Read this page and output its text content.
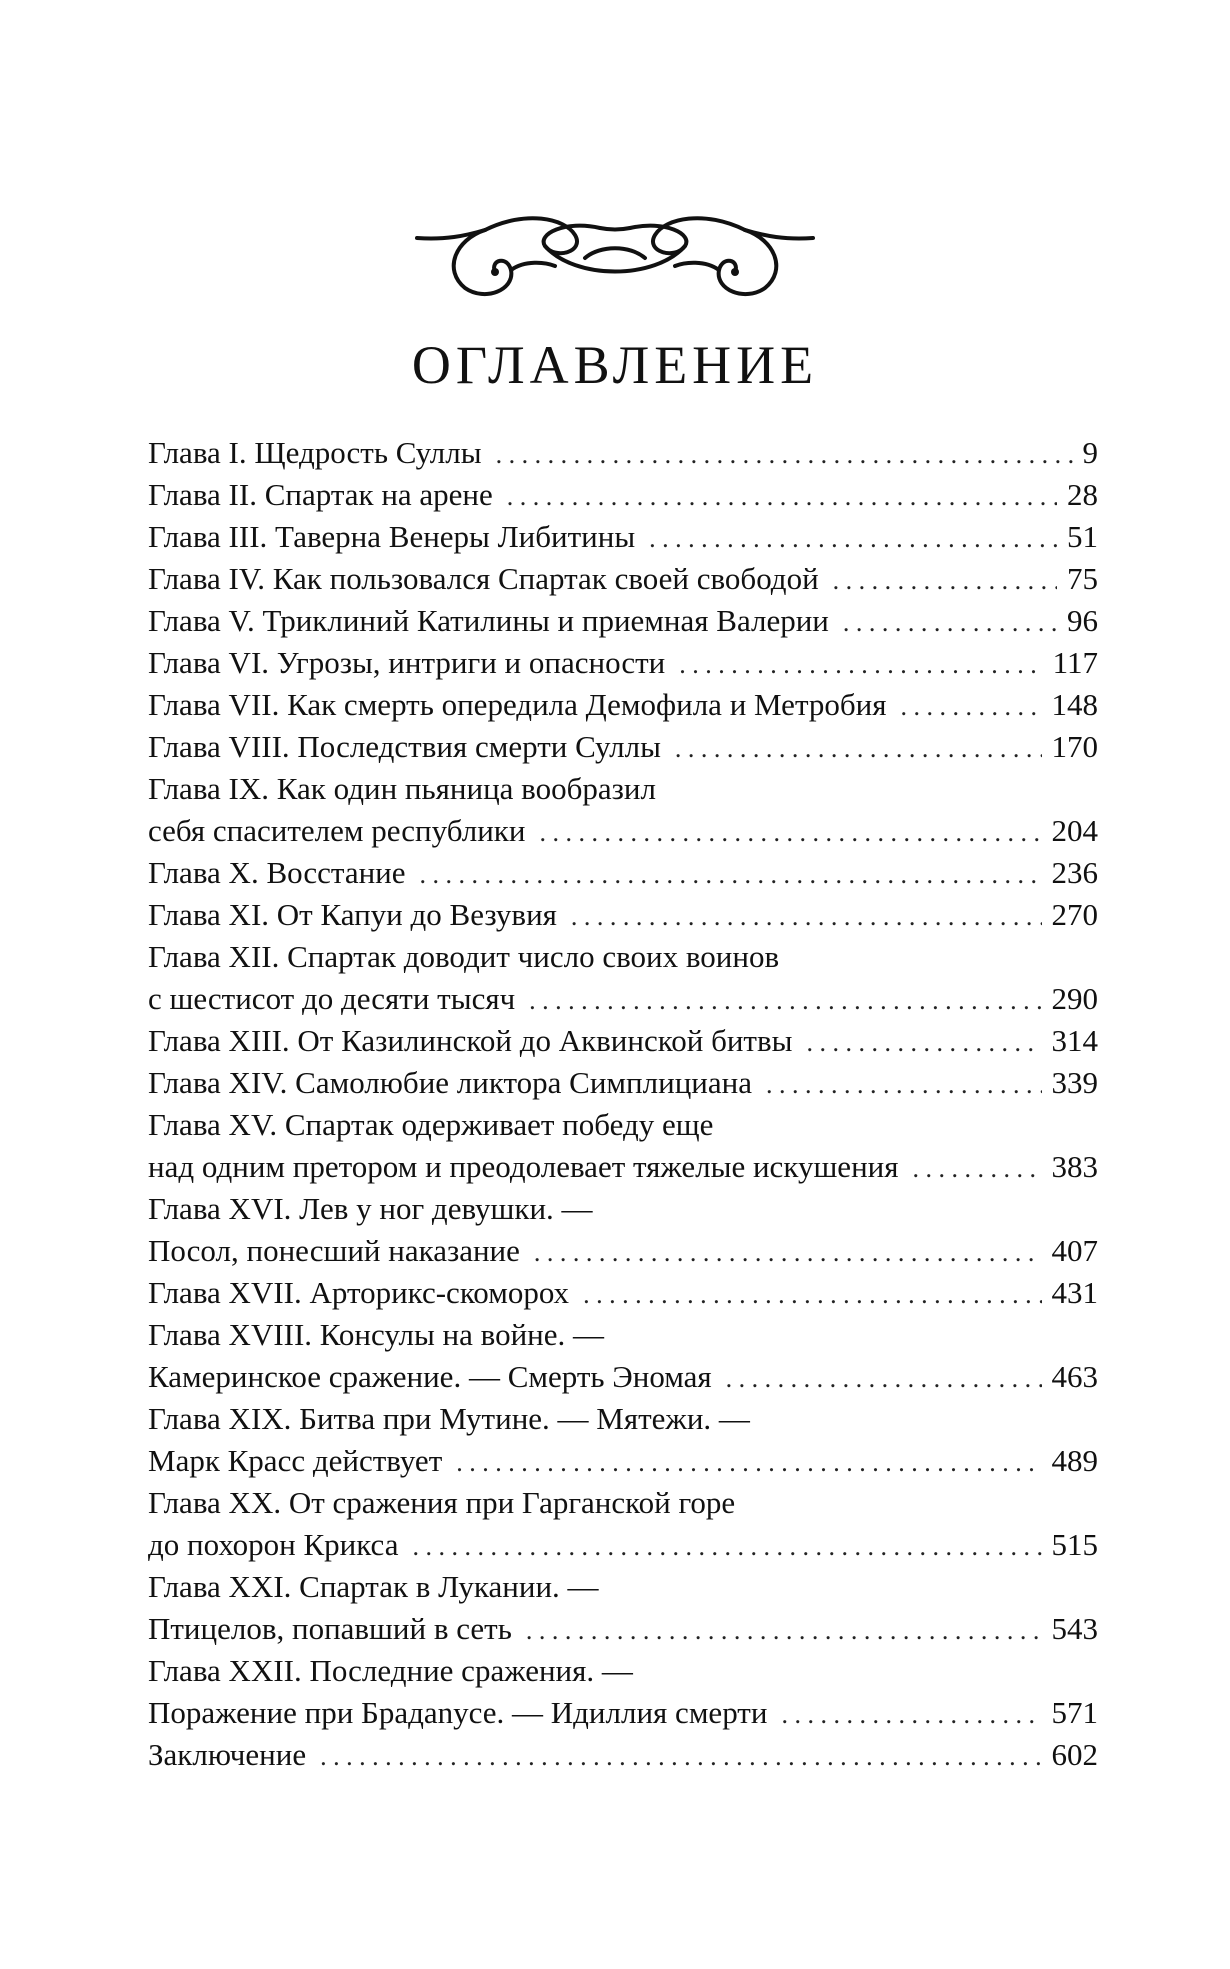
ОГЛАВЛЕНИЕ
Глава I. Щедрость Суллы . . .	9
Глава II. Спартак на арене . . .	28
Глава III. Таверна Венеры Либитины . . .	51
Глава IV. Как пользовался Спартак своей свободой . . .	75
Глава V. Триклиний Катилины и приемная Валерии . . .	96
Глава VI. Угрозы, интриги и опасности . . .	117
Глава VII. Как смерть опередила Демофила и Метробия . . .	148
Глава VIII. Последствия смерти Суллы . . .	170
Глава IX. Как один пьяница вообразил
себя спасителем республики . . .	204
Глава X. Восстание . . .	236
Глава XI. От Капуи до Везувия . . .	270
Глава XII. Спартак доводит число своих воинов
с шестисот до десяти тысяч . . .	290
Глава XIII. От Казилинской до Аквинской битвы . . .	314
Глава XIV. Самолюбие ликтора Симплициана . . .	339
Глава XV. Спартак одерживает победу еще
над одним претором и преодолевает тяжелые искушения . . .	383
Глава XVI. Лев у ног девушки. —
Посол, понесший наказание . . .	407
Глава XVII. Арторикс-скоморох . . .	431
Глава XVIII. Консулы на войне. —
Камеринское сражение. — Смерть Эномая . . .	463
Глава XIX. Битва при Мутине. — Мятежи. —
Марк Красс действует . . .	489
Глава XX. От сражения при Гарганской горе
до похорон Крикса . . .	515
Глава XXI. Спартак в Лукании. —
Птицелов, попавший в сеть . . .	543
Глава XXII. Последние сражения. —
Поражение при Брадanусе. — Идиллия смерти . . .	571
Заключение . . .	602
